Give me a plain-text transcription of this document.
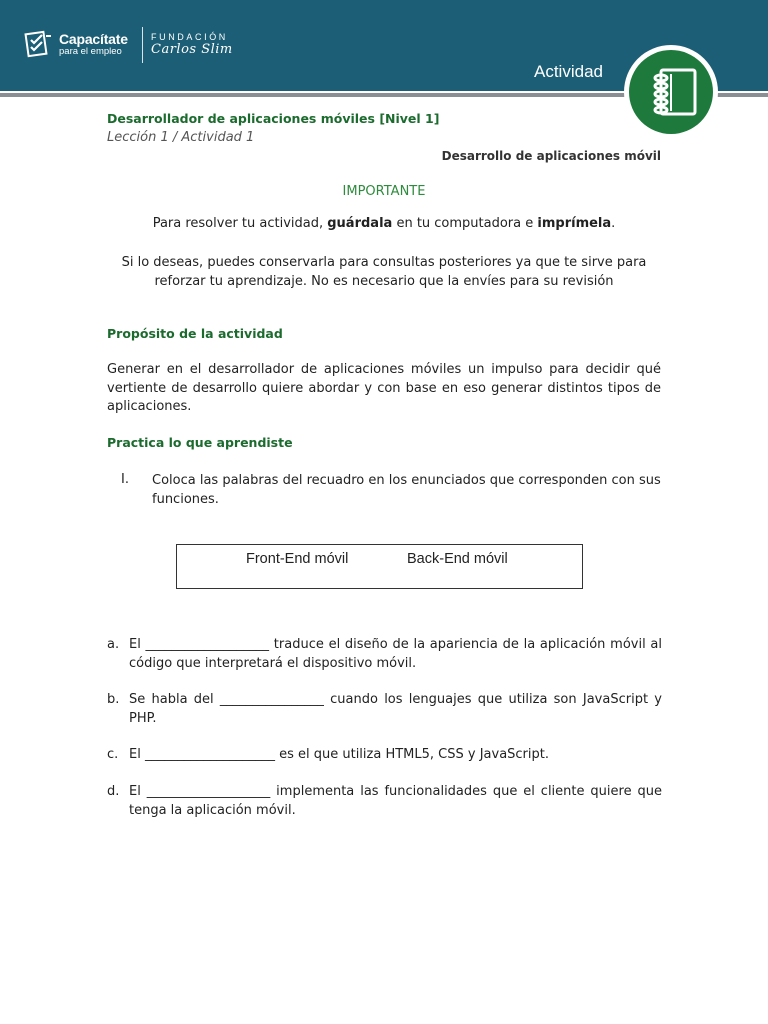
Capacítate
para el empleo
FUNDACIÓN
Carlos Slim
Actividad
Desarrollador de aplicaciones móviles [Nivel 1]
Lección 1 / Actividad 1
Desarrollo de aplicaciones móvil
IMPORTANTE
Para resolver tu actividad, guárdala en tu computadora e imprímela.
Si lo deseas, puedes conservarla para consultas posteriores ya que te sirve para reforzar tu aprendizaje. No es necesario que la envíes para su revisión
Propósito de la actividad
Generar en el desarrollador de aplicaciones móviles un impulso para decidir qué vertiente de desarrollo quiere abordar y con base en eso generar distintos tipos de aplicaciones.
Practica lo que aprendiste
I. Coloca las palabras del recuadro en los enunciados que corresponden con sus funciones.
Front-End móvil	Back-End móvil
a. El ___________________ traduce el diseño de la apariencia de la aplicación móvil al código que interpretará el dispositivo móvil.
b. Se habla del ________________ cuando los lenguajes que utiliza son JavaScript y PHP.
c. El ____________________ es el que utiliza HTML5, CSS y JavaScript.
d. El ___________________ implementa las funcionalidades que el cliente quiere que tenga la aplicación móvil.
